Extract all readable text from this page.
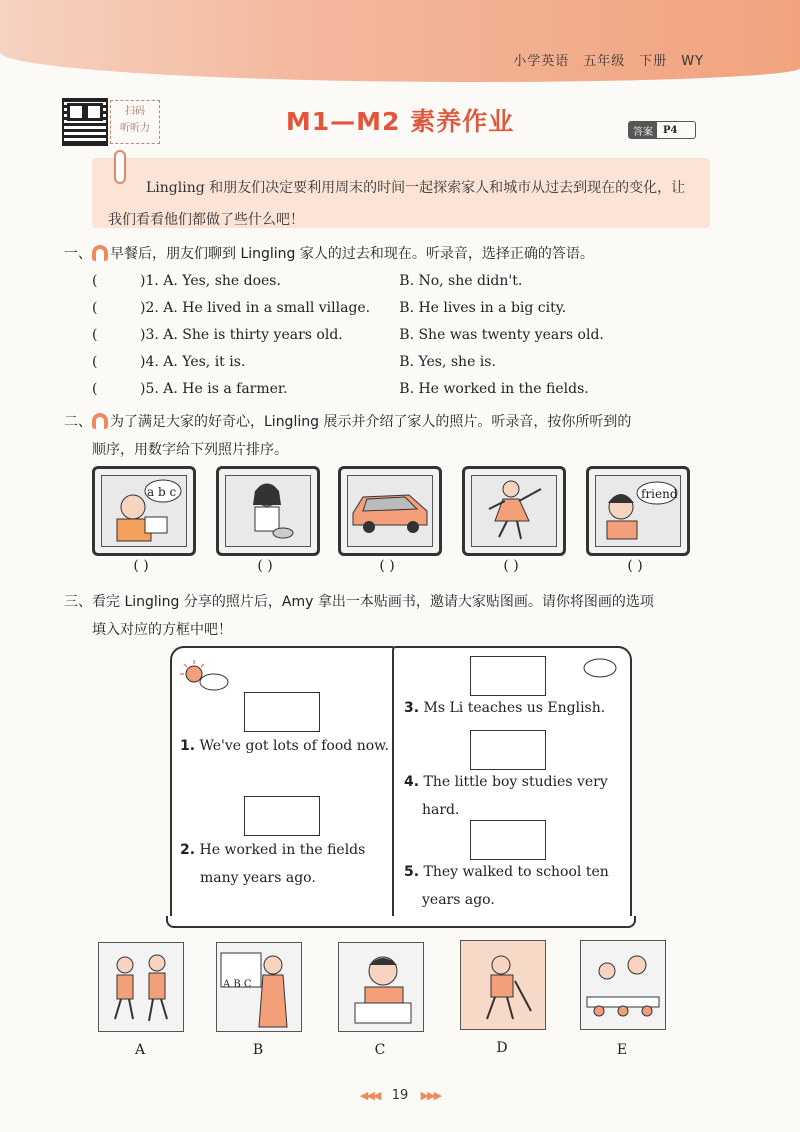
小学英语　五年级　下册　WY
扫码
听听力	M1—M2 素养作业	答案	P4
Lingling 和朋友们决定要利用周末的时间一起探索家人和城市从过去到现在的变化，让我们看看他们都做了些什么吧！
一、 早餐后，朋友们聊到 Lingling 家人的过去和现在。听录音，选择正确的答语。
(	)1. A. Yes, she does.	B. No, she didn't.
(	)2. A. He lived in a small village. B. He lives in a big city.
(	)3. A. She is thirty years old.	B. She was twenty years old.
(	)4. A. Yes, it is.	B. Yes, she is.
(	)5. A. He is a farmer.	B. He worked in the fields.
二、 为了满足大家的好奇心，Lingling 展示并介绍了家人的照片。听录音，按你所听到的
顺序，用数字给下列照片排序。
a b c	friend
( )	( )	( )	( )	( )
三、看完 Lingling 分享的照片后，Amy 拿出一本贴画书，邀请大家贴图画。请你将图画的选项
填入对应的方框中吧！
1. We've got lots of food now.
2. He worked in the fields
many years ago.
3. Ms Li teaches us English.
4. The little boy studies very
hard.
5. They walked to school ten
years ago.
A B C
A	B	C	D	E
◀◀◀ 19 ▶▶▶
